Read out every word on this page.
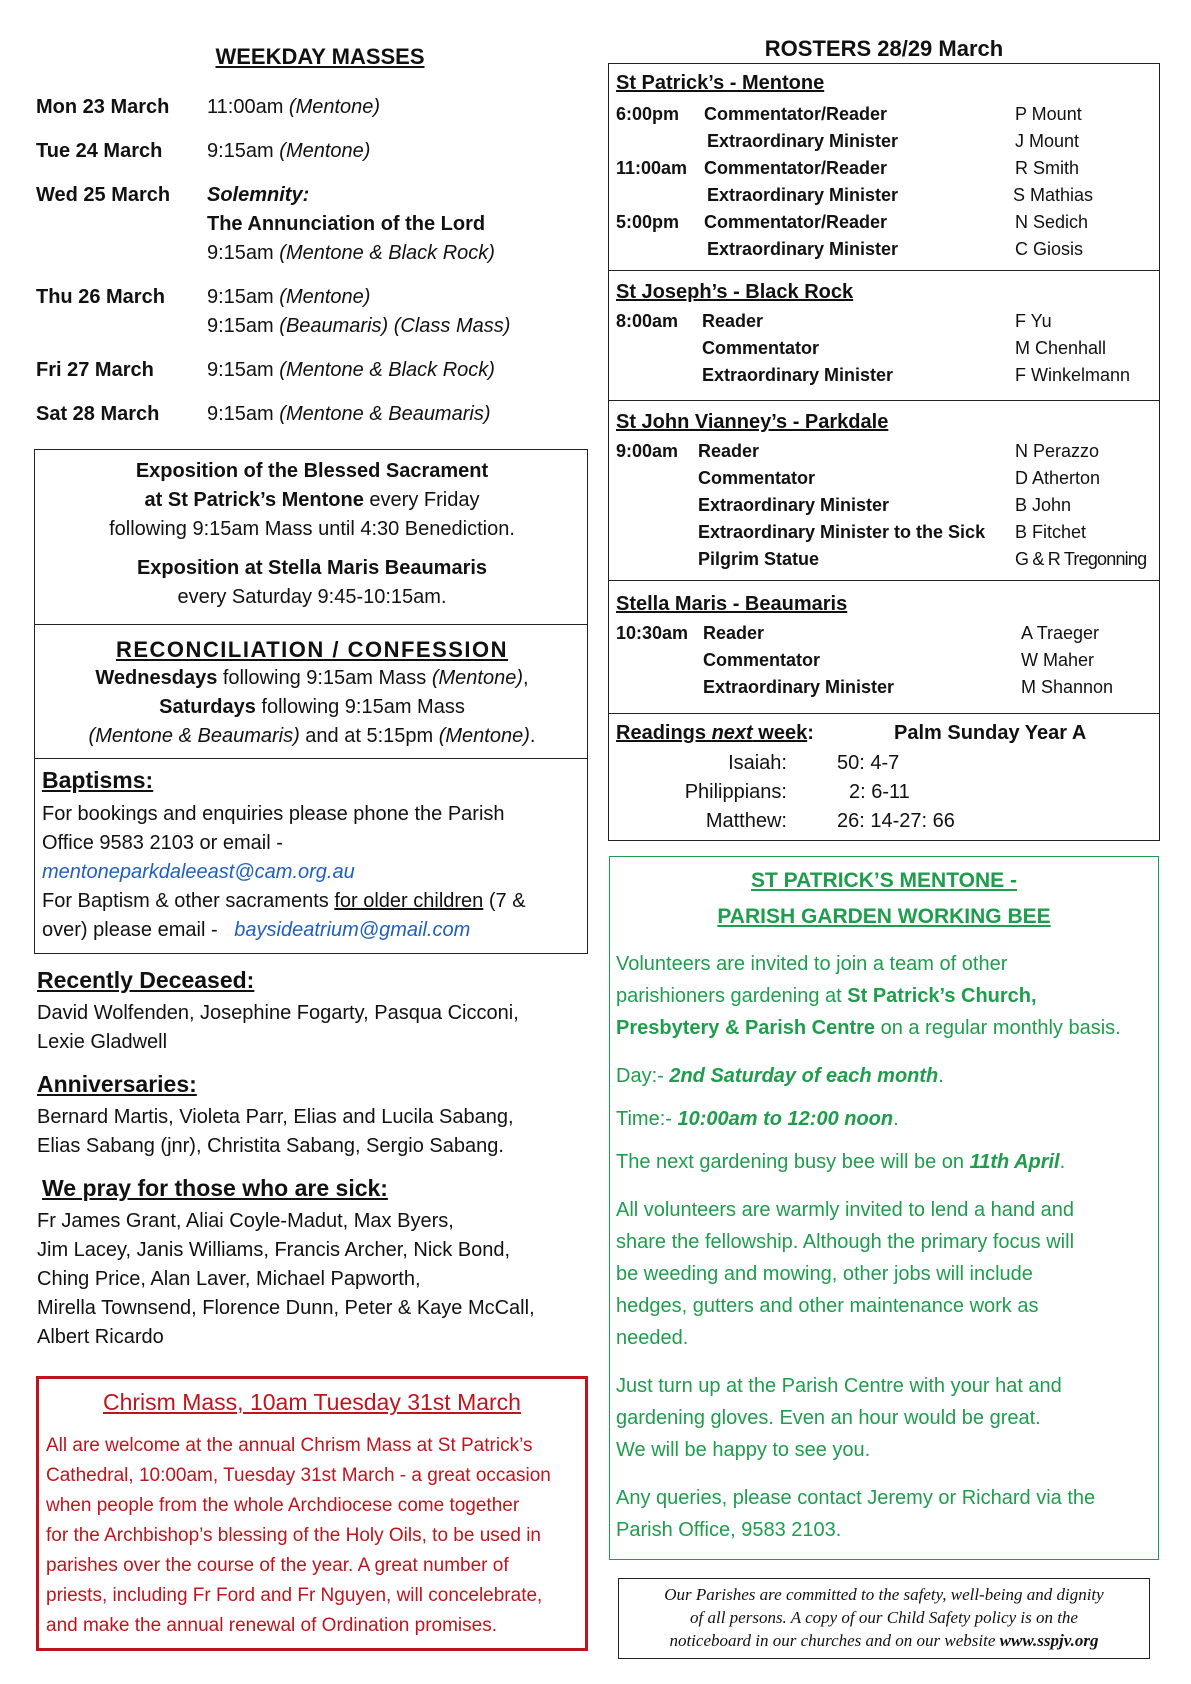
WEEKDAY MASSES
Mon 23 March 11:00am (Mentone)
Tue 24 March 9:15am (Mentone)
Wed 25 March Solemnity:
The Annunciation of the Lord
9:15am (Mentone & Black Rock)
Thu 26 March 9:15am (Mentone)
9:15am (Beaumaris) (Class Mass)
Fri 27 March	9:15am (Mentone & Black Rock)
Sat 28 March 9:15am (Mentone & Beaumaris)
Exposition of the Blessed Sacrament
at St Patrick’s Mentone every Friday
following 9:15am Mass until 4:30 Benediction.
Exposition at Stella Maris Beaumaris
every Saturday 9:45-10:15am.
RECONCILIATION / CONFESSION
Wednesdays following 9:15am Mass (Mentone),
Saturdays following 9:15am Mass
(Mentone & Beaumaris) and at 5:15pm (Mentone).
Baptisms:
For bookings and enquiries please phone the Parish
Office 9583 2103 or email -
mentoneparkdaleeast@cam.org.au
For Baptism & other sacraments for older children (7 &
over) please email - baysideatrium@gmail.com
Recently Deceased:
David Wolfenden, Josephine Fogarty, Pasqua Cicconi,
Lexie Gladwell
Anniversaries:
Bernard Martis, Violeta Parr, Elias and Lucila Sabang,
Elias Sabang (jnr), Christita Sabang, Sergio Sabang.
We pray for those who are sick:
Fr James Grant, Aliai Coyle-Madut, Max Byers,
Jim Lacey, Janis Williams, Francis Archer, Nick Bond,
Ching Price, Alan Laver, Michael Papworth,
Mirella Townsend, Florence Dunn, Peter & Kaye McCall,
Albert Ricardo
Chrism Mass, 10am Tuesday 31st March
All are welcome at the annual Chrism Mass at St Patrick’s
Cathedral, 10:00am, Tuesday 31st March - a great occasion
when people from the whole Archdiocese come together
for the Archbishop’s blessing of the Holy Oils, to be used in
parishes over the course of the year. A great number of
priests, including Fr Ford and Fr Nguyen, will concelebrate,
and make the annual renewal of Ordination promises.
ROSTERS 28/29 March
St Patrick’s - Mentone
6:00pm Commentator/Reader	P Mount
Extraordinary Minister	J Mount
11:00am Commentator/Reader	R Smith
Extraordinary Minister	S Mathias
5:00pm Commentator/Reader	N Sedich
Extraordinary Minister	C Giosis
St Joseph’s - Black Rock
8:00am Reader	F Yu
Commentator	M Chenhall
Extraordinary Minister	F Winkelmann
St John Vianney’s - Parkdale
9:00am Reader	N Perazzo
Commentator	D Atherton
Extraordinary Minister	B John
Extraordinary Minister to the Sick B Fitchet
Pilgrim Statue	G & R Tregonning
Stella Maris - Beaumaris
10:30am Reader	A Traeger
Commentator	W Maher
Extraordinary Minister	M Shannon
Readings next week:	Palm Sunday Year A
Isaiah:	50: 4-7
Philippians:	2: 6-11
Matthew:	26: 14-27: 66
ST PATRICK’S MENTONE -
PARISH GARDEN WORKING BEE
Volunteers are invited to join a team of other
parishioners gardening at St Patrick’s Church,
Presbytery & Parish Centre on a regular monthly basis.
Day:- 2nd Saturday of each month.
Time:- 10:00am to 12:00 noon.
The next gardening busy bee will be on 11th April.
All volunteers are warmly invited to lend a hand and
share the fellowship. Although the primary focus will
be weeding and mowing, other jobs will include
hedges, gutters and other maintenance work as
needed.
Just turn up at the Parish Centre with your hat and
gardening gloves. Even an hour would be great.
We will be happy to see you.
Any queries, please contact Jeremy or Richard via the
Parish Office, 9583 2103.
Our Parishes are committed to the safety, well-being and dignity
of all persons. A copy of our Child Safety policy is on the
noticeboard in our churches and on our website www.sspjv.org
